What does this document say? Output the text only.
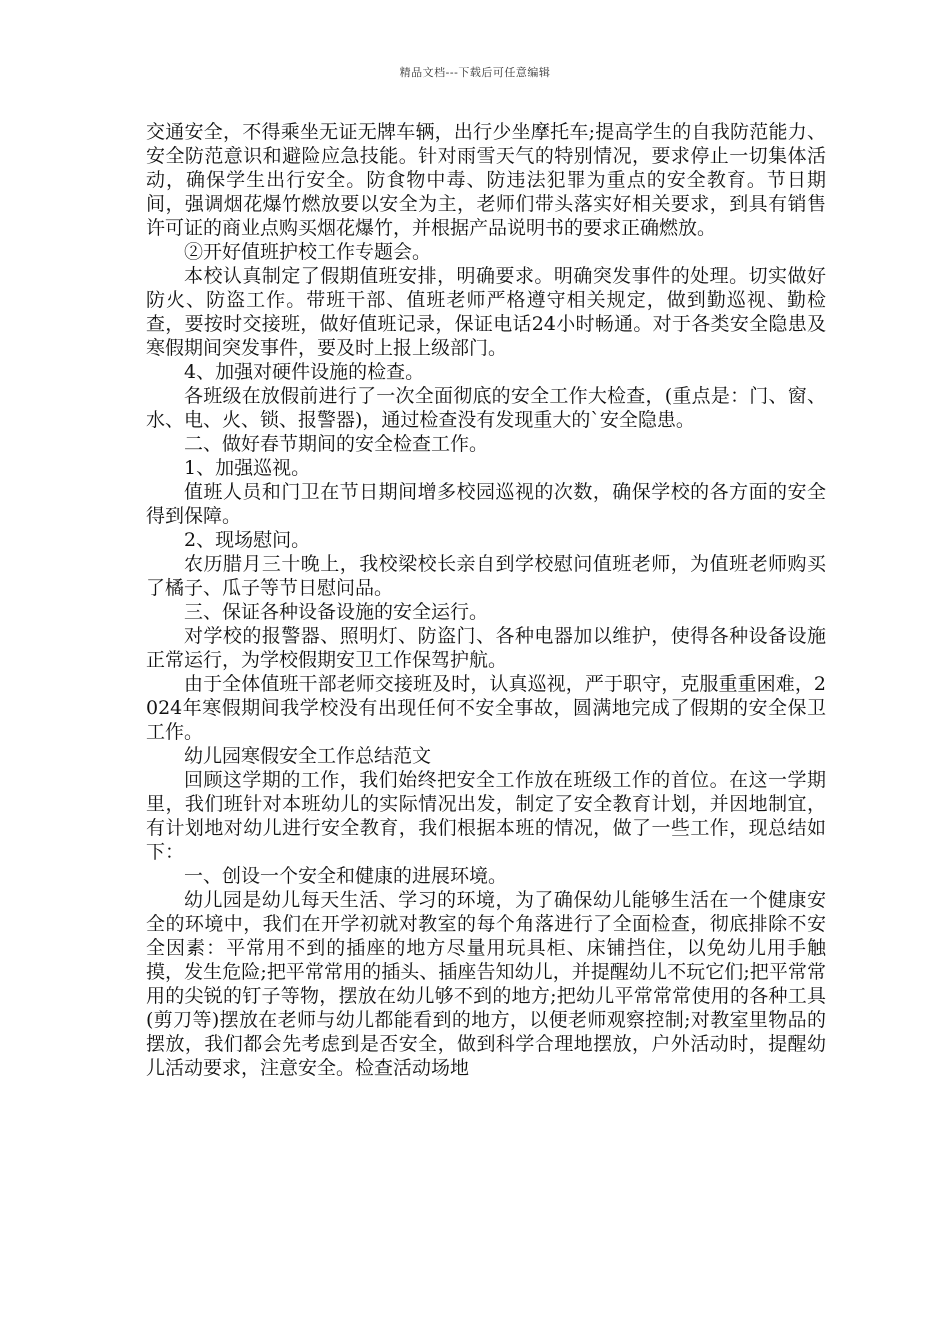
精品文档---下载后可任意编辑

交通安全，不得乘坐无证无牌车辆，出行少坐摩托车;提高学生的自我防范能力、安全防范意识和避险应急技能。针对雨雪天气的特别情况，要求停止一切集体活动，确保学生出行安全。防食物中毒、防违法犯罪为重点的安全教育。节日期间，强调烟花爆竹燃放要以安全为主，老师们带头落实好相关要求，到具有销售许可证的商业点购买烟花爆竹，并根据产品说明书的要求正确燃放。

②开好值班护校工作专题会。

本校认真制定了假期值班安排，明确要求。明确突发事件的处理。切实做好防火、防盗工作。带班干部、值班老师严格遵守相关规定，做到勤巡视、勤检查，要按时交接班，做好值班记录，保证电话24小时畅通。对于各类安全隐患及寒假期间突发事件，要及时上报上级部门。

4、加强对硬件设施的检查。

各班级在放假前进行了一次全面彻底的安全工作大检查，(重点是：门、窗、水、电、火、锁、报警器)，通过检查没有发现重大的`安全隐患。

二、做好春节期间的安全检查工作。

1、加强巡视。

值班人员和门卫在节日期间增多校园巡视的次数，确保学校的各方面的安全得到保障。

2、现场慰问。

农历腊月三十晚上，我校梁校长亲自到学校慰问值班老师，为值班老师购买了橘子、瓜子等节日慰问品。

三、保证各种设备设施的安全运行。

对学校的报警器、照明灯、防盗门、各种电器加以维护，使得各种设备设施正常运行，为学校假期安卫工作保驾护航。

由于全体值班干部老师交接班及时，认真巡视，严于职守，克服重重困难，2024年寒假期间我学校没有出现任何不安全事故，圆满地完成了假期的安全保卫工作。

幼儿园寒假安全工作总结范文

回顾这学期的工作，我们始终把安全工作放在班级工作的首位。在这一学期里，我们班针对本班幼儿的实际情况出发，制定了安全教育计划，并因地制宜，有计划地对幼儿进行安全教育，我们根据本班的情况，做了一些工作，现总结如下：

一、创设一个安全和健康的进展环境。

幼儿园是幼儿每天生活、学习的环境，为了确保幼儿能够生活在一个健康安全的环境中，我们在开学初就对教室的每个角落进行了全面检查，彻底排除不安全因素：平常用不到的插座的地方尽量用玩具柜、床铺挡住，以免幼儿用手触摸，发生危险;把平常常用的插头、插座告知幼儿，并提醒幼儿不玩它们;把平常常用的尖锐的钉子等物，摆放在幼儿够不到的地方;把幼儿平常常常使用的各种工具(剪刀等)摆放在老师与幼儿都能看到的地方，以便老师观察控制;对教室里物品的摆放，我们都会先考虑到是否安全，做到科学合理地摆放，户外活动时，提醒幼儿活动要求，注意安全。检查活动场地
